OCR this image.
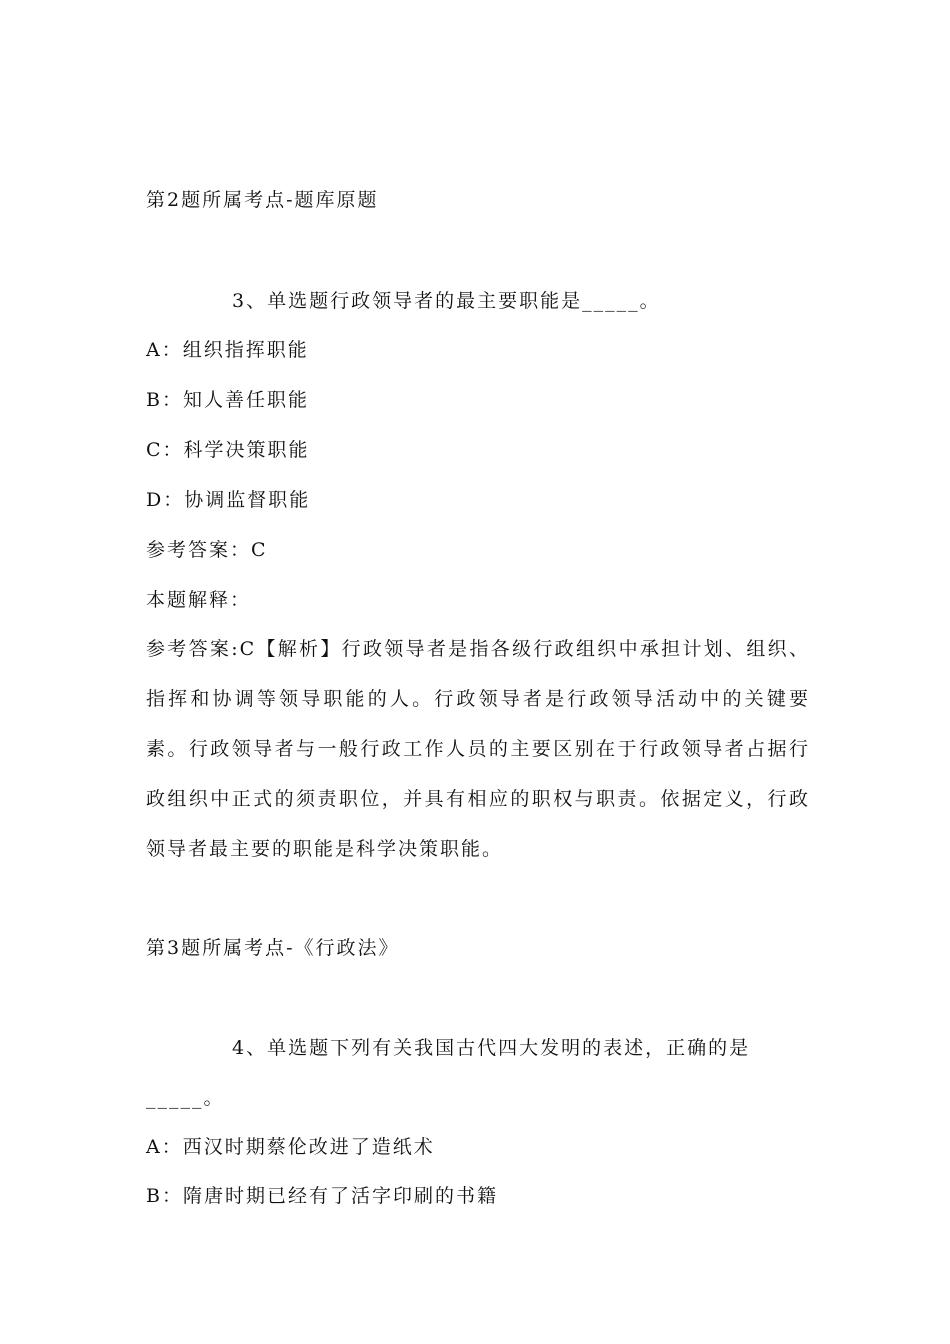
第2题所属考点-题库原题
3、单选题行政领导者的最主要职能是_____。
A：组织指挥职能
B：知人善任职能
C：科学决策职能
D：协调监督职能
参考答案：C
本题解释：
参考答案:C【解析】行政领导者是指各级行政组织中承担计划、组织、指挥和协调等领导职能的人。行政领导者是行政领导活动中的关键要素。行政领导者与一般行政工作人员的主要区别在于行政领导者占据行政组织中正式的须责职位，并具有相应的职权与职责。依据定义，行政领导者最主要的职能是科学决策职能。
第3题所属考点-《行政法》
4、单选题下列有关我国古代四大发明的表述，正确的是_____。
A：西汉时期蔡伦改进了造纸术
B：隋唐时期已经有了活字印刷的书籍
